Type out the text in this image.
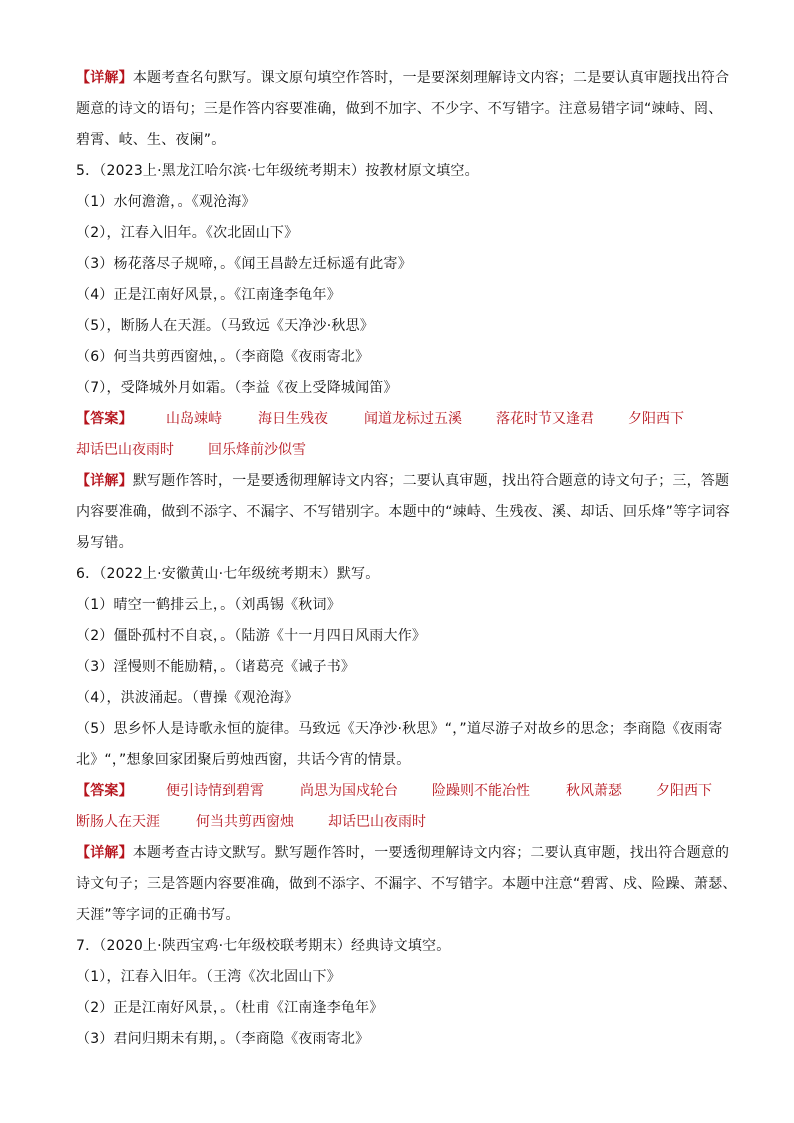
【详解】本题考查名句默写。课文原句填空作答时，一是要深刻理解诗文内容；二是要认真审题找出符合
题意的诗文的语句；三是作答内容要准确，做到不加字、不少字、不写错字。注意易错字词“竦峙、罔、
碧霄、岐、生、夜阑”。
5．（2023上·黑龙江哈尔滨·七年级统考期末）按教材原文填空。
（1）水何澹澹，。《观沧海》
（2），江春入旧年。《次北固山下》
（3）杨花落尽子规啼，。《闻王昌龄左迁标遥有此寄》
（4）正是江南好风景，。《江南逢李龟年》
（5），断肠人在天涯。（马致远《天净沙·秋思》
（6）何当共剪西窗烛，。（李商隐《夜雨寄北》
（7），受降城外月如霜。（李益《夜上受降城闻笛》
【答案】	山岛竦峙	海日生残夜	闻道龙标过五溪 落花时节又逢君 夕阳西下
却话巴山夜雨时 回乐烽前沙似雪
【详解】默写题作答时，一是要透彻理解诗文内容；二要认真审题，找出符合题意的诗文句子；三，答题
内容要准确，做到不添字、不漏字、不写错别字。本题中的“竦峙、生残夜、溪、却话、回乐烽”等字词容
易写错。
6．（2022上·安徽黄山·七年级统考期末）默写。
（1）晴空一鹤排云上，。（刘禹锡《秋词》
（2）僵卧孤村不自哀，。（陆游《十一月四日风雨大作》
（3）淫慢则不能励精，。（诸葛亮《诫子书》
（4），洪波涌起。（曹操《观沧海》
（5）思乡怀人是诗歌永恒的旋律。马致远《天净沙·秋思》“，”道尽游子对故乡的思念；李商隐《夜雨寄
北》“，”想象回家团聚后剪烛西窗，共话今宵的情景。
【答案】	便引诗情到碧霄	尚思为国戍轮台 险躁则不能冶性	秋风萧瑟 夕阳西下
断肠人在天涯	何当共剪西窗烛 却话巴山夜雨时
【详解】本题考查古诗文默写。默写题作答时，一要透彻理解诗文内容；二要认真审题，找出符合题意的
诗文句子；三是答题内容要准确，做到不添字、不漏字、不写错字。本题中注意“碧霄、戍、险躁、萧瑟、
天涯”等字词的正确书写。
7．（2020上·陕西宝鸡·七年级校联考期末）经典诗文填空。
（1），江春入旧年。（王湾《次北固山下》
（2）正是江南好风景，。（杜甫《江南逢李龟年》
（3）君问归期未有期，。（李商隐《夜雨寄北》
